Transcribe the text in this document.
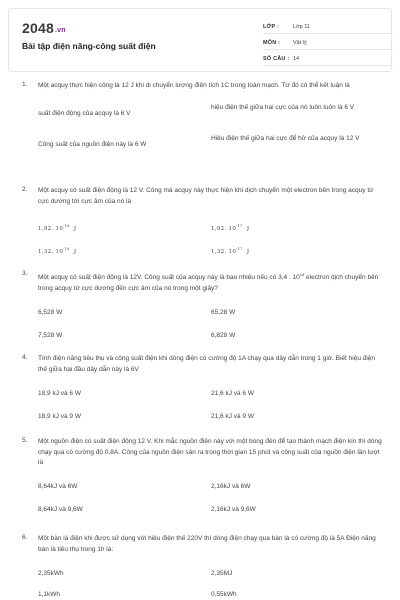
2048.vn
Bài tập điện năng-công suất điện
LỚP :	Lớp 11
MÔN :	Vật lý
SỐ CÂU : 14
1. Một acquy thực hiện công là 12 J khi di chuyển lượng điện tích 1C trong toàn mạch. Từ đó có thể kết luận là
suất điện động của acquy là 6 V
hiệu điện thế giữa hai cực của nó luôn luôn là 6 V
Công suất của nguồn điện này là 6 W
Hiệu điện thế giữa hai cực để hở của acquy là 12 V
2. Một acquy có suất điện động là 12 V. Công mà acquy này thực hiện khi dịch chuyển một electron bên trong acquy từ cực dương tới cực âm của nó là
1,92. $10^{-18}$ J	1,92. $10^{-17}$ J
1,32. $10^{-18}$ J	1,32. $10^{-17}$ J
3.
Một acquy có suất điện động là 12V. Công suất của acquy này là bao nhiêu nếu có 3,4 . $10^{18}$ electron dịch chuyển bên trong acquy từ cực dương đến cực âm của nó trong một giây?
6,528 W	65,28 W
7,528 W	6,828 W
4. Tính điện năng tiêu thụ và công suất điện khi dòng điện có cường độ 1A chạy qua dây dẫn trong 1 giờ. Biết hiệu điện thế giữa hai đầu dây dẫn này là 6V
18,9 kJ và 6 W	21,6 kJ và 6 W
18,9 kJ và 9 W	21,6 kJ và 9 W
5. Một nguồn điện có suất điện động 12 V. Khi mắc nguồn điện này với một bóng đèn để tạo thành mạch điện kín thì dòng chạy qua có cường độ 0,8A. Công của nguồn điện sản ra trong thời gian 15 phút và công suất của nguồn điện lần lượt là
8,64kJ và 6W	2,16kJ và 6W
8,64kJ và 9,6W	2,16kJ và 9,6W
6. Một bàn là điện khi được sử dụng với hiệu điện thế 220V thì dòng điện chạy qua bàn là có cường độ là 5A Điện năng bàn là tiêu thụ trong 1h là:
2,35kWh	2,35MJ
1,1kWh	0,55kWh
